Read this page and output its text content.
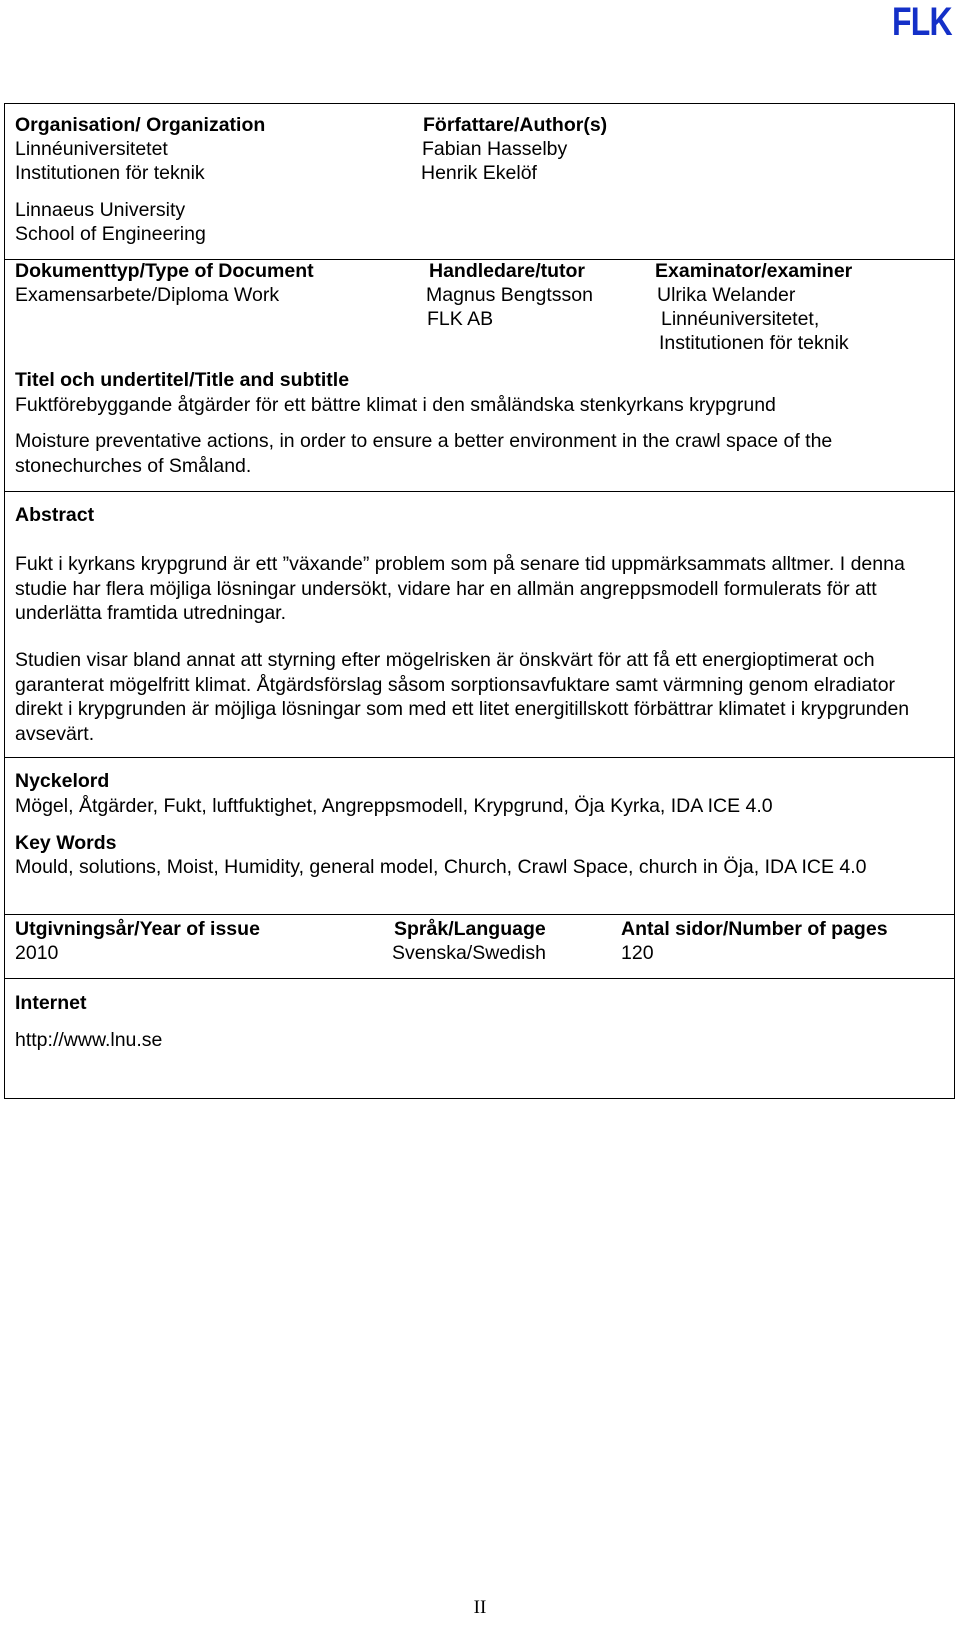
FLK
Organisation/ Organization
Linnéuniversitetet
Institutionen för teknik
Linnaeus University
School of Engineering
Författare/Author(s)
Fabian Hasselby
Henrik Ekelöf
Dokumenttyp/Type of Document
Examensarbete/Diploma Work
Handledare/tutor
Magnus Bengtsson
FLK AB
Examinator/examiner
Ulrika Welander
Linnéuniversitetet,
Institutionen för teknik
Titel och undertitel/Title and subtitle
Fuktförebyggande åtgärder för ett bättre klimat i den småländska stenkyrkans krypgrund
Moisture preventative actions, in order to ensure a better environment in the crawl space of the stonechurches of Småland.
Abstract
Fukt i kyrkans krypgrund är ett ”växande” problem som på senare tid uppmärksammats alltmer. I denna studie har flera möjliga lösningar undersökt, vidare har en allmän angreppsmodell formulerats för att underlätta framtida utredningar.
Studien visar bland annat att styrning efter mögelrisken är önskvärt för att få ett energioptimerat och garanterat mögelfritt klimat. Åtgärdsförslag såsom sorptionsavfuktare samt värmning genom elradiator direkt i krypgrunden är möjliga lösningar som med ett litet energitillskott förbättrar klimatet i krypgrunden avsevärt.
Nyckelord
Mögel, Åtgärder, Fukt, luftfuktighet, Angreppsmodell, Krypgrund, Öja Kyrka, IDA ICE 4.0
Key Words
Mould, solutions, Moist, Humidity, general model, Church, Crawl Space, church in Öja, IDA ICE 4.0
Utgivningsår/Year of issue
2010
Språk/Language
Svenska/Swedish
Antal sidor/Number of pages
120
Internet
http://www.lnu.se
II
